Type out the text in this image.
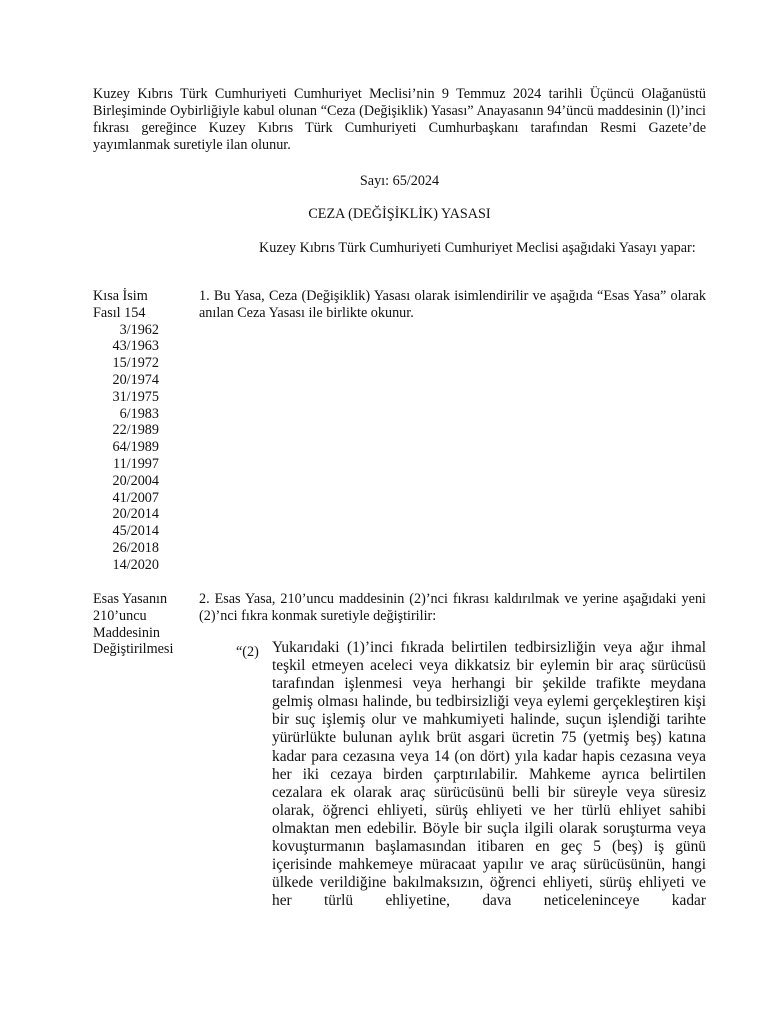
Kuzey Kıbrıs Türk Cumhuriyeti Cumhuriyet Meclisi’nin 9 Temmuz 2024 tarihli Üçüncü Olağanüstü Birleşiminde Oybirliğiyle kabul olunan “Ceza (Değişiklik) Yasası” Anayasanın 94’üncü maddesinin (l)’inci fıkrası gereğince Kuzey Kıbrıs Türk Cumhuriyeti Cumhurbaşkanı tarafından Resmi Gazete’de yayımlanmak suretiyle ilan olunur.

Sayı: 65/2024
CEZA (DEĞİŞİKLİK) YASASI

Kuzey Kıbrıs Türk Cumhuriyeti Cumhuriyet Meclisi aşağıdaki Yasayı yapar:

Kısa İsim
Fasıl 154
3/1962
43/1963
15/1972
20/1974
31/1975
6/1983
22/1989
64/1989
11/1997
20/2004
41/2007
20/2014
45/2014
26/2018
14/2020

1. Bu Yasa, Ceza (Değişiklik) Yasası olarak isimlendirilir ve aşağıda “Esas Yasa” olarak anılan Ceza Yasası ile birlikte okunur.

Esas Yasanın
210’uncu
Maddesinin
Değiştirilmesi

2. Esas Yasa, 210’uncu maddesinin (2)’nci fıkrası kaldırılmak ve yerine aşağıdaki yeni (2)’nci fıkra konmak suretiyle değiştirilir:

“(2) Yukarıdaki (1)’inci fıkrada belirtilen tedbirsizliğin veya ağır ihmal teşkil etmeyen aceleci veya dikkatsiz bir eylemin bir araç sürücüsü tarafından işlenmesi veya herhangi bir şekilde trafikte meydana gelmiş olması halinde, bu tedbirsizliği veya eylemi gerçekleştiren kişi bir suç işlemiş olur ve mahkumiyeti halinde, suçun işlendiği tarihte yürürlükte bulunan aylık brüt asgari ücretin 75 (yetmiş beş) katına kadar para cezasına veya 14 (on dört) yıla kadar hapis cezasına veya her iki cezaya birden çarptırılabilir. Mahkeme ayrıca belirtilen cezalara ek olarak araç sürücüsünü belli bir süreyle veya süresiz olarak, öğrenci ehliyeti, sürüş ehliyeti ve her türlü ehliyet sahibi olmaktan men edebilir. Böyle bir suçla ilgili olarak soruşturma veya kovuşturmanın başlamasından itibaren en geç 5 (beş) iş günü içerisinde mahkemeye müracaat yapılır ve araç sürücüsünün, hangi ülkede verildiğine bakılmaksızın, öğrenci ehliyeti, sürüş ehliyeti ve her türlü ehliyetine, dava neticeleninceye kadar
